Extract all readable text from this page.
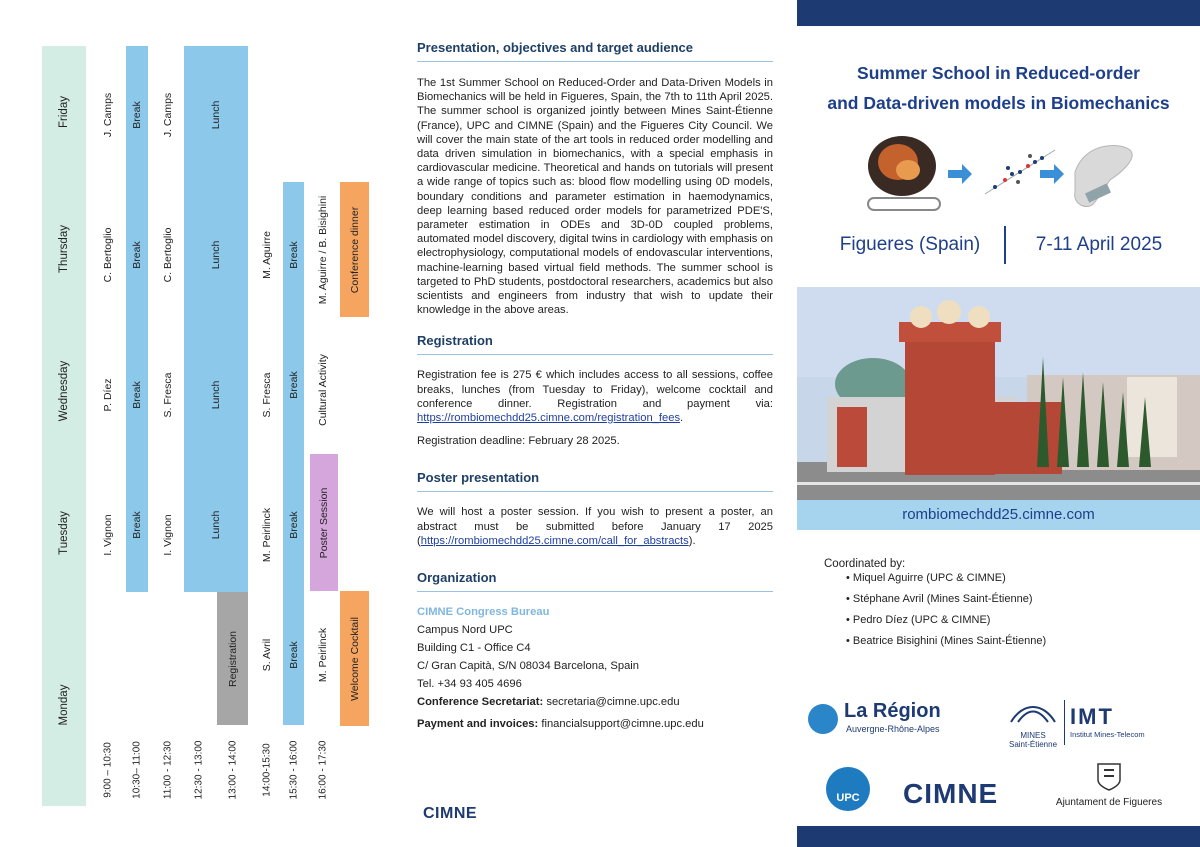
Friday
Thursday
Wednesday
Tuesday
Monday
J. Camps
C. Bertoglio
P. Díez
I. Vignon
Break
Break
Break
Break
J. Camps
C. Bertoglio
S. Fresca
I. Vignon
Lunch
Lunch
Lunch
Lunch
Registration
M. Aguirre
S. Fresca
M. Peirlinck
S. Avril
Break
Break
Break
Break
M. Aguirre / B. Bisighini
Cultural Activity
Poster Session
M. Peirlinck
Conference dinner
Welcome Cocktail
9:00 – 10:30 10:30– 11:00 11:00 - 12:30 12:30 - 13:00 13:00 - 14:00 14:00-15:30 15:30 - 16:00 16:00 - 17:30
Presentation, objectives and target audience
The 1st Summer School on Reduced-Order and Data-Driven Models in Biomechanics will be held in Figueres, Spain, the 7th to 11th April 2025. The summer school is organized jointly between Mines Saint-Étienne (France), UPC and CIMNE (Spain) and the Figueres City Council. We will cover the main state of the art tools in reduced order modelling and data driven simulation in biomechanics, with a special emphasis in cardiovascular medicine. Theoretical and hands on tutorials will present a wide range of topics such as: blood flow modelling using 0D models, boundary conditions and parameter estimation in haemodynamics, deep learning based reduced order models for parametrized PDE'S, parameter estimation in ODEs and 3D-0D coupled problems, automated model discovery, digital twins in cardiology with emphasis on electrophysiology, computational models of endovascular interventions, machine-learning based virtual field methods. The summer school is targeted to PhD students, postdoctoral researchers, academics but also scientists and engineers from industry that wish to update their knowledge in the above areas.
Registration
Registration fee is 275 € which includes access to all sessions, coffee breaks, lunches (from Tuesday to Friday), welcome cocktail and conference dinner. Registration and payment via: https://rombiomechdd25.cimne.com/registration_fees.
Registration deadline: February 28 2025.
Poster presentation
We will host a poster session. If you wish to present a poster, an abstract must be submitted before January 17 2025 (https://rombiomechdd25.cimne.com/call_for_abstracts).
Organization
CIMNE Congress Bureau
Campus Nord UPC
Building C1 - Office C4
C/ Gran Capità, S/N 08034 Barcelona, Spain
Tel. +34 93 405 4696
Conference Secretariat: secretaria@cimne.upc.edu
Payment and invoices: financialsupport@cimne.upc.edu
CIMNE
Summer School in Reduced-order
and Data-driven models in Biomechanics
Figueres (Spain)	7-11 April 2025
rombiomechdd25.cimne.com
Coordinated by:
• Miquel Aguirre (UPC & CIMNE)
• Stéphane Avril (Mines Saint-Étienne)
• Pedro Díez (UPC & CIMNE)
• Beatrice Bisighini (Mines Saint-Étienne)
La Région
Auvergne-Rhône-Alpes
MINES
Saint-Étienne
IMT
Institut Mines-Telecom
UPC CIMNE	Ajuntament de Figueres
